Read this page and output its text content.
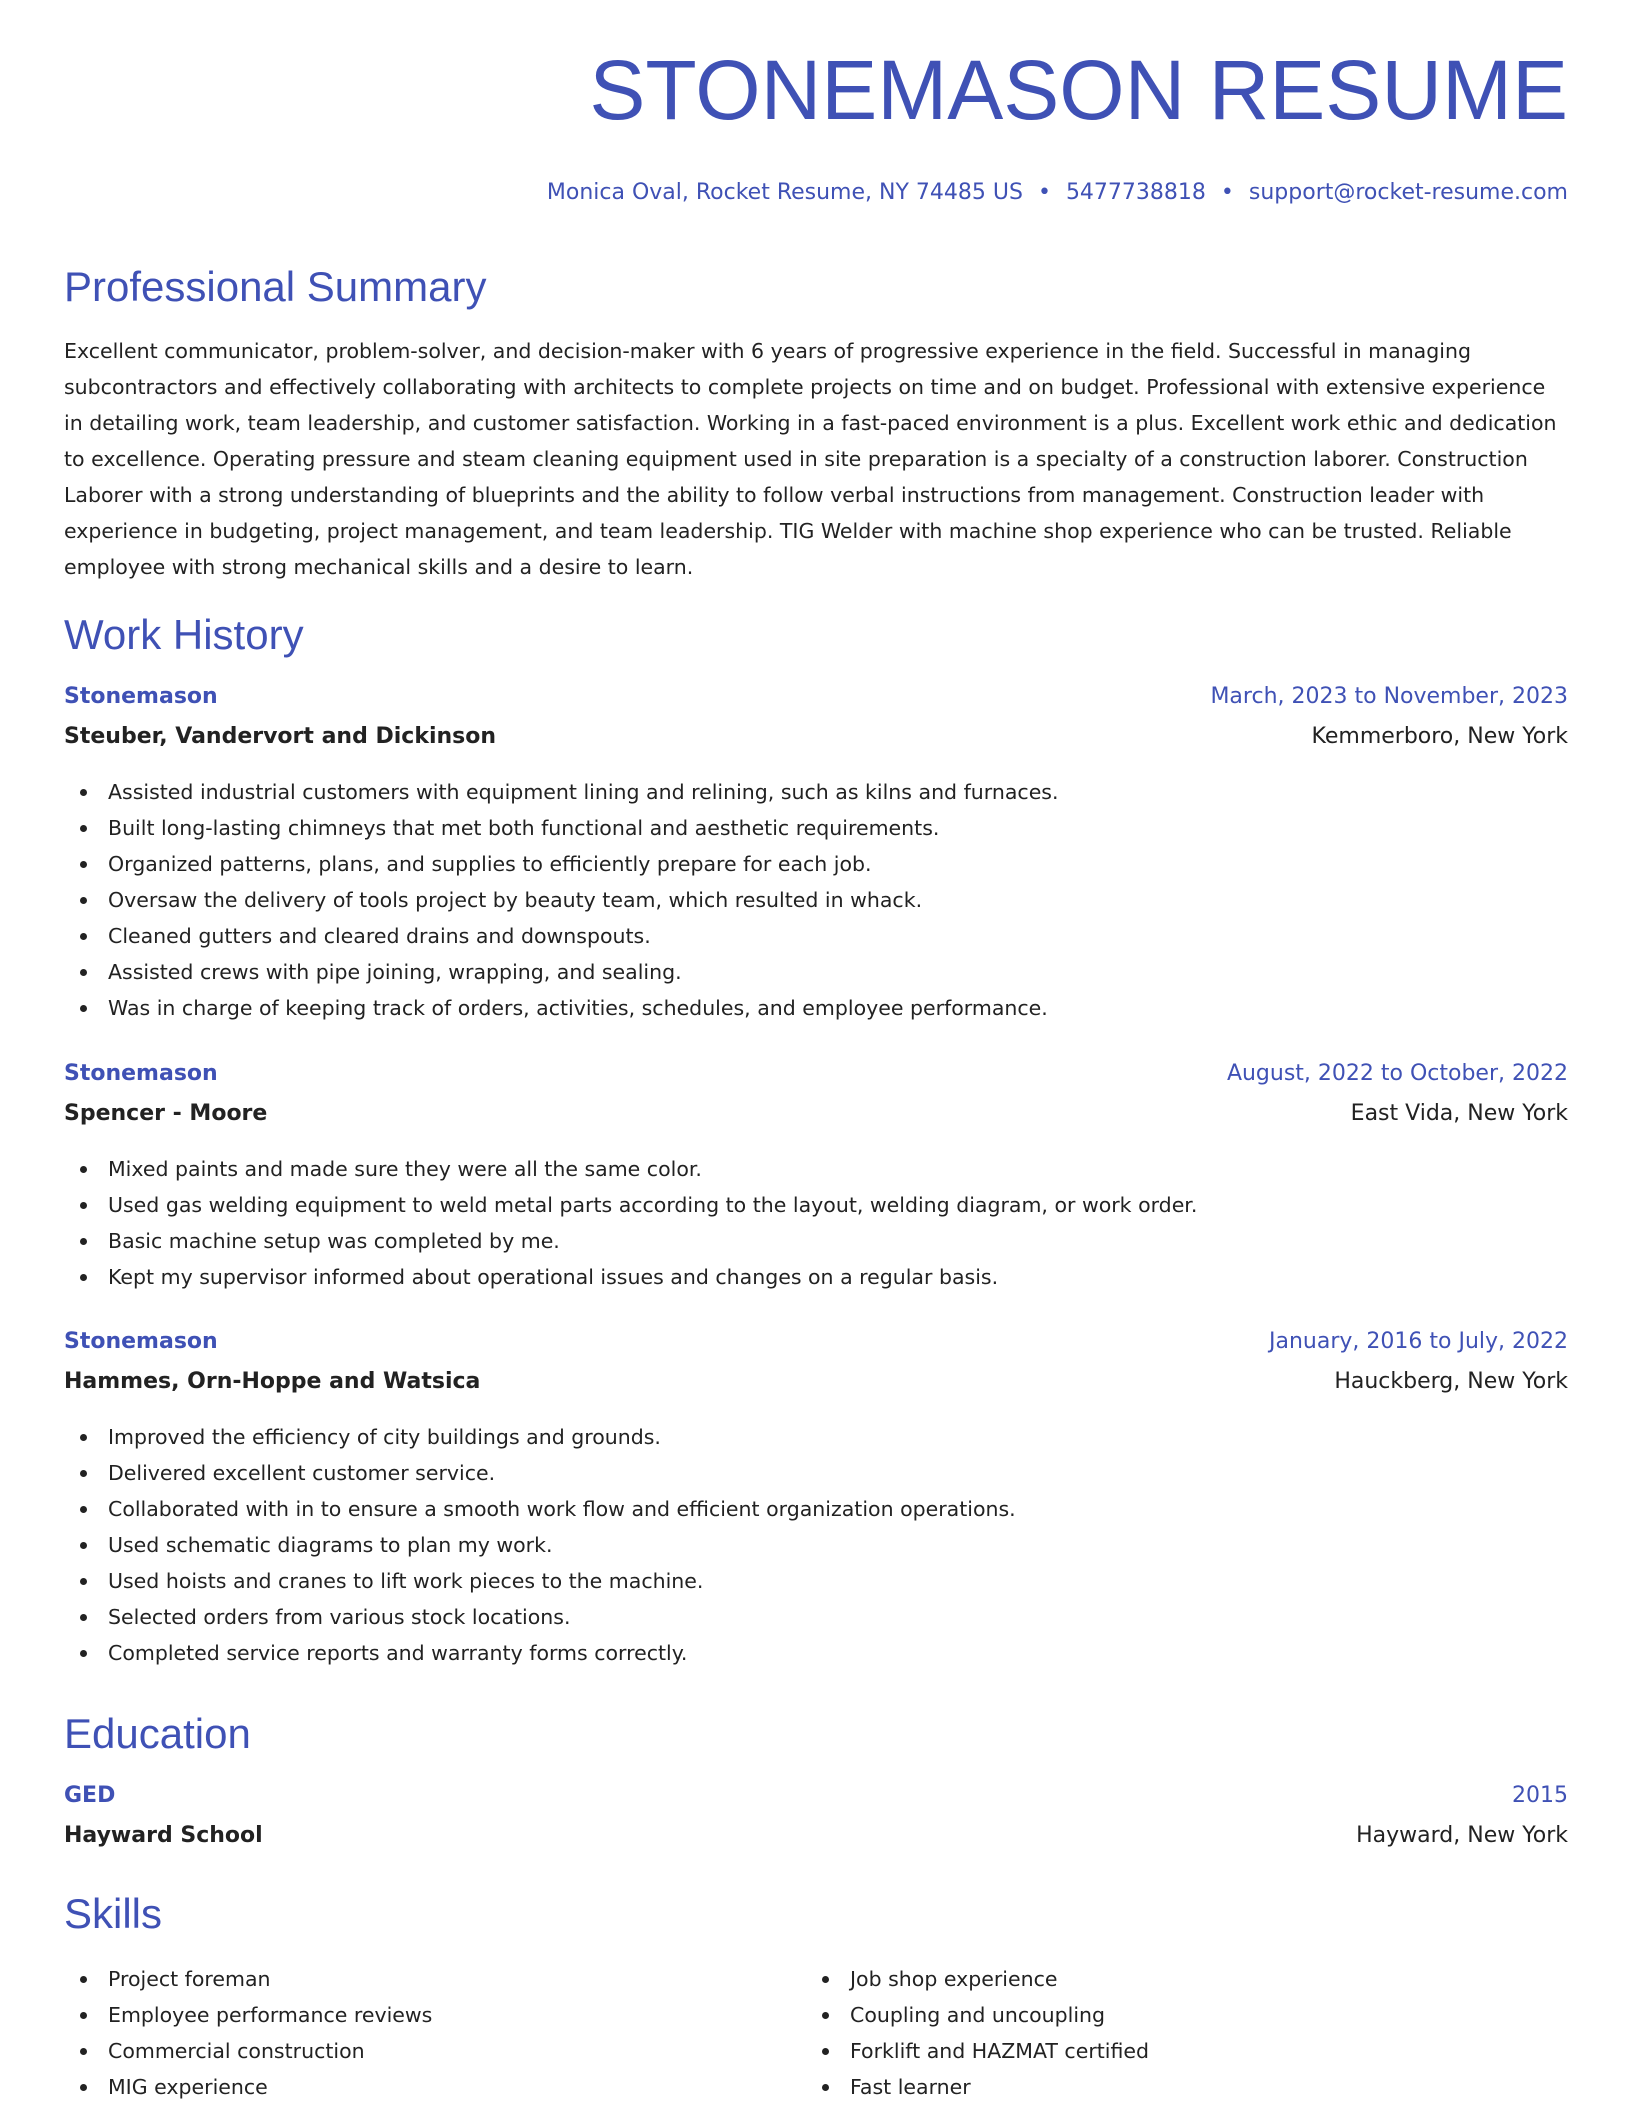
STONEMASON RESUME
Monica Oval, Rocket Resume, NY 74485 US • 5477738818 • support@rocket-resume.com
Professional Summary

Excellent communicator, problem-solver, and decision-maker with 6 years of progressive experience in the field. Successful in managing subcontractors and effectively collaborating with architects to complete projects on time and on budget. Professional with extensive experience in detailing work, team leadership, and customer satisfaction. Working in a fast-paced environment is a plus. Excellent work ethic and dedication to excellence. Operating pressure and steam cleaning equipment used in site preparation is a specialty of a construction laborer. Construction Laborer with a strong understanding of blueprints and the ability to follow verbal instructions from management. Construction leader with experience in budgeting, project management, and team leadership. TIG Welder with machine shop experience who can be trusted. Reliable employee with strong mechanical skills and a desire to learn.

Work History
Stonemason	March, 2023 to November, 2023
Steuber, Vandervort and Dickinson	Kemmerboro, New York
Assisted industrial customers with equipment lining and relining, such as kilns and furnaces.
Built long-lasting chimneys that met both functional and aesthetic requirements.
Organized patterns, plans, and supplies to efficiently prepare for each job.
Oversaw the delivery of tools project by beauty team, which resulted in whack.
Cleaned gutters and cleared drains and downspouts.
Assisted crews with pipe joining, wrapping, and sealing.
Was in charge of keeping track of orders, activities, schedules, and employee performance.
Stonemason	August, 2022 to October, 2022
Spencer - Moore	East Vida, New York
Mixed paints and made sure they were all the same color.
Used gas welding equipment to weld metal parts according to the layout, welding diagram, or work order.
Basic machine setup was completed by me.
Kept my supervisor informed about operational issues and changes on a regular basis.
Stonemason	January, 2016 to July, 2022
Hammes, Orn-Hoppe and Watsica	Hauckberg, New York
Improved the efficiency of city buildings and grounds.
Delivered excellent customer service.
Collaborated with in to ensure a smooth work flow and efficient organization operations.
Used schematic diagrams to plan my work.
Used hoists and cranes to lift work pieces to the machine.
Selected orders from various stock locations.
Completed service reports and warranty forms correctly.
Education
GED	2015
Hayward School	Hayward, New York
Skills
Project foreman
Employee performance reviews
Commercial construction
MIG experience
Job shop experience
Coupling and uncoupling
Forklift and HAZMAT certified
Fast learner
